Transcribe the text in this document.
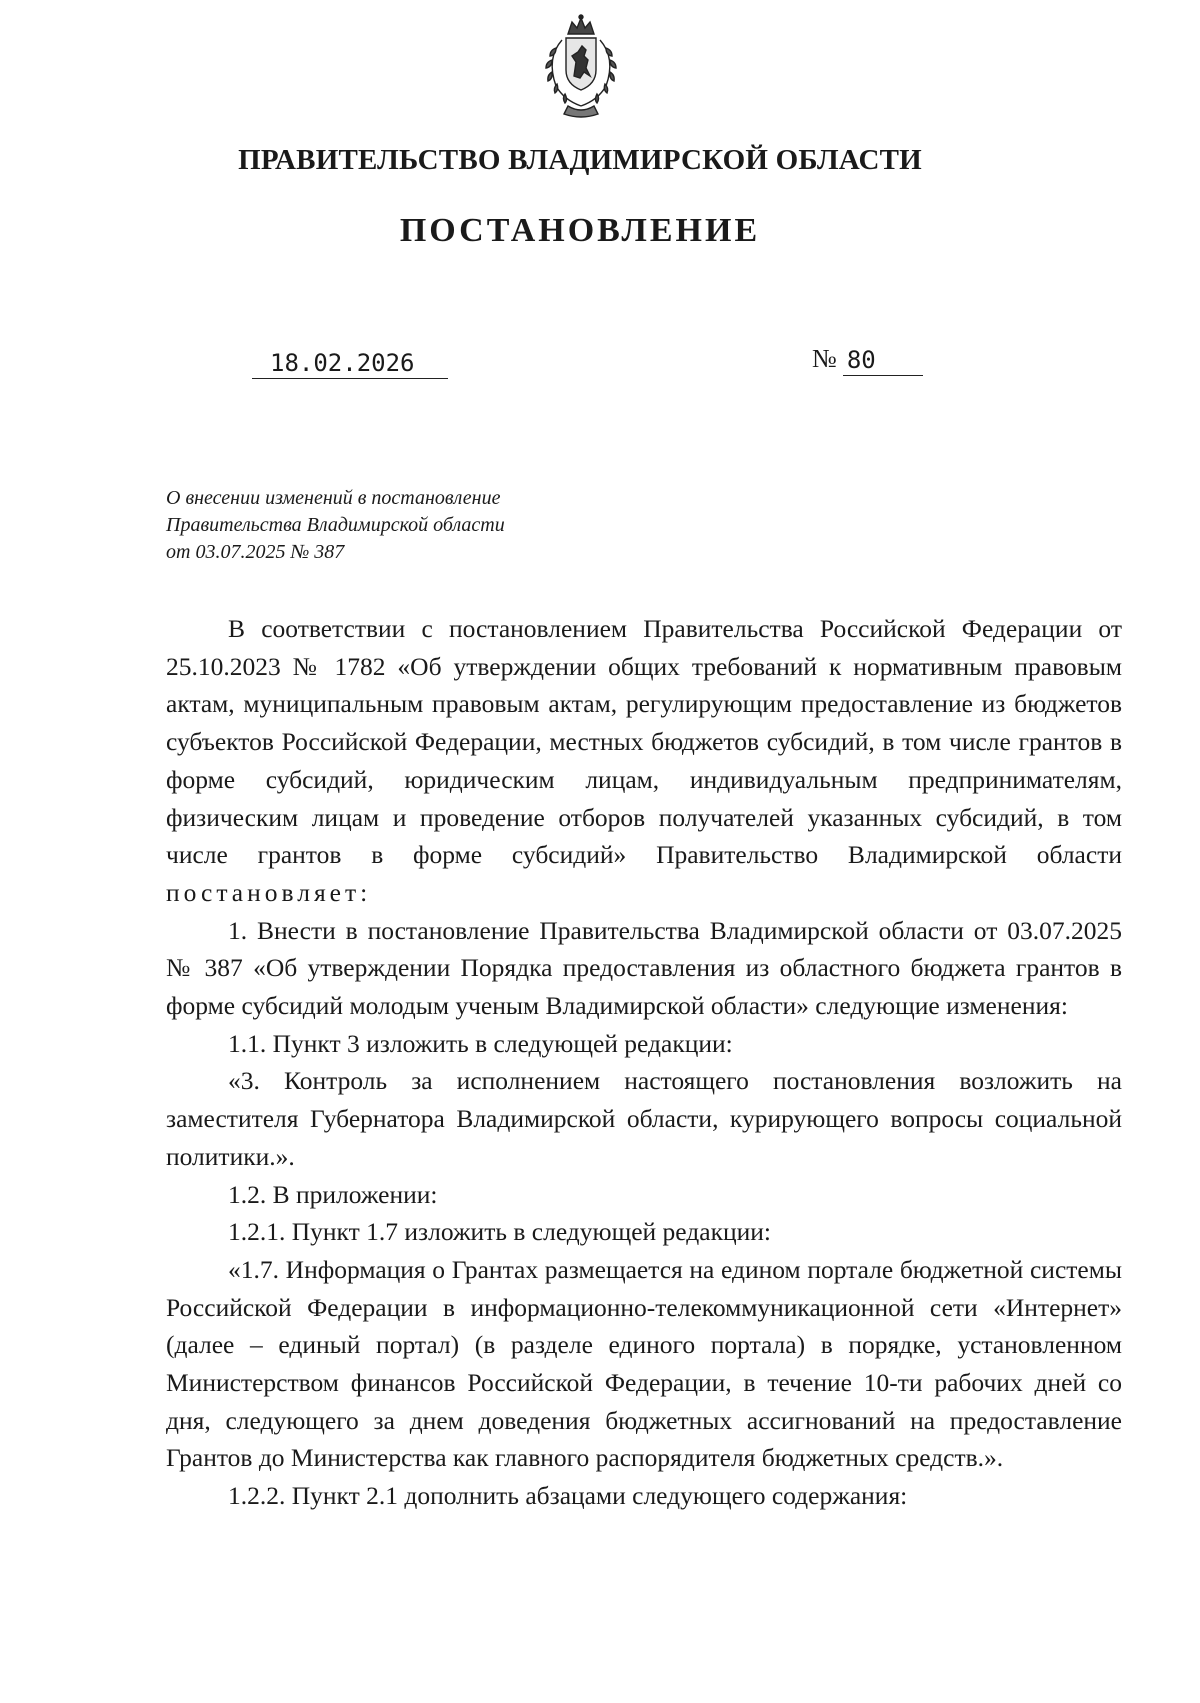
ПРАВИТЕЛЬСТВО ВЛАДИМИРСКОЙ ОБЛАСТИ
ПОСТАНОВЛЕНИЕ
18.02.2026	№ 80
О внесении изменений в постановление
Правительства Владимирской области
от 03.07.2025 № 387

В соответствии с постановлением Правительства Российской Федерации от 25.10.2023 № 1782 «Об утверждении общих требований к нормативным правовым актам, муниципальным правовым актам, регулирующим предоставление из бюджетов субъектов Российской Федерации, местных бюджетов субсидий, в том числе грантов в форме субсидий, юридическим лицам, индивидуальным предпринимателям, физическим лицам и проведение отборов получателей указанных субсидий, в том числе грантов в форме субсидий» Правительство Владимирской области постановляет:

1. Внести в постановление Правительства Владимирской области от 03.07.2025 № 387 «Об утверждении Порядка предоставления из областного бюджета грантов в форме субсидий молодым ученым Владимирской области» следующие изменения:

1.1. Пункт 3 изложить в следующей редакции:

«3. Контроль за исполнением настоящего постановления возложить на заместителя Губернатора Владимирской области, курирующего вопросы социальной политики.».

1.2. В приложении:

1.2.1. Пункт 1.7 изложить в следующей редакции:

«1.7. Информация о Грантах размещается на едином портале бюджетной системы Российской Федерации в информационно-телекоммуникационной сети «Интернет» (далее – единый портал) (в разделе единого портала) в порядке, установленном Министерством финансов Российской Федерации, в течение 10-ти рабочих дней со дня, следующего за днем доведения бюджетных ассигнований на предоставление Грантов до Министерства как главного распорядителя бюджетных средств.».

1.2.2. Пункт 2.1 дополнить абзацами следующего содержания:
